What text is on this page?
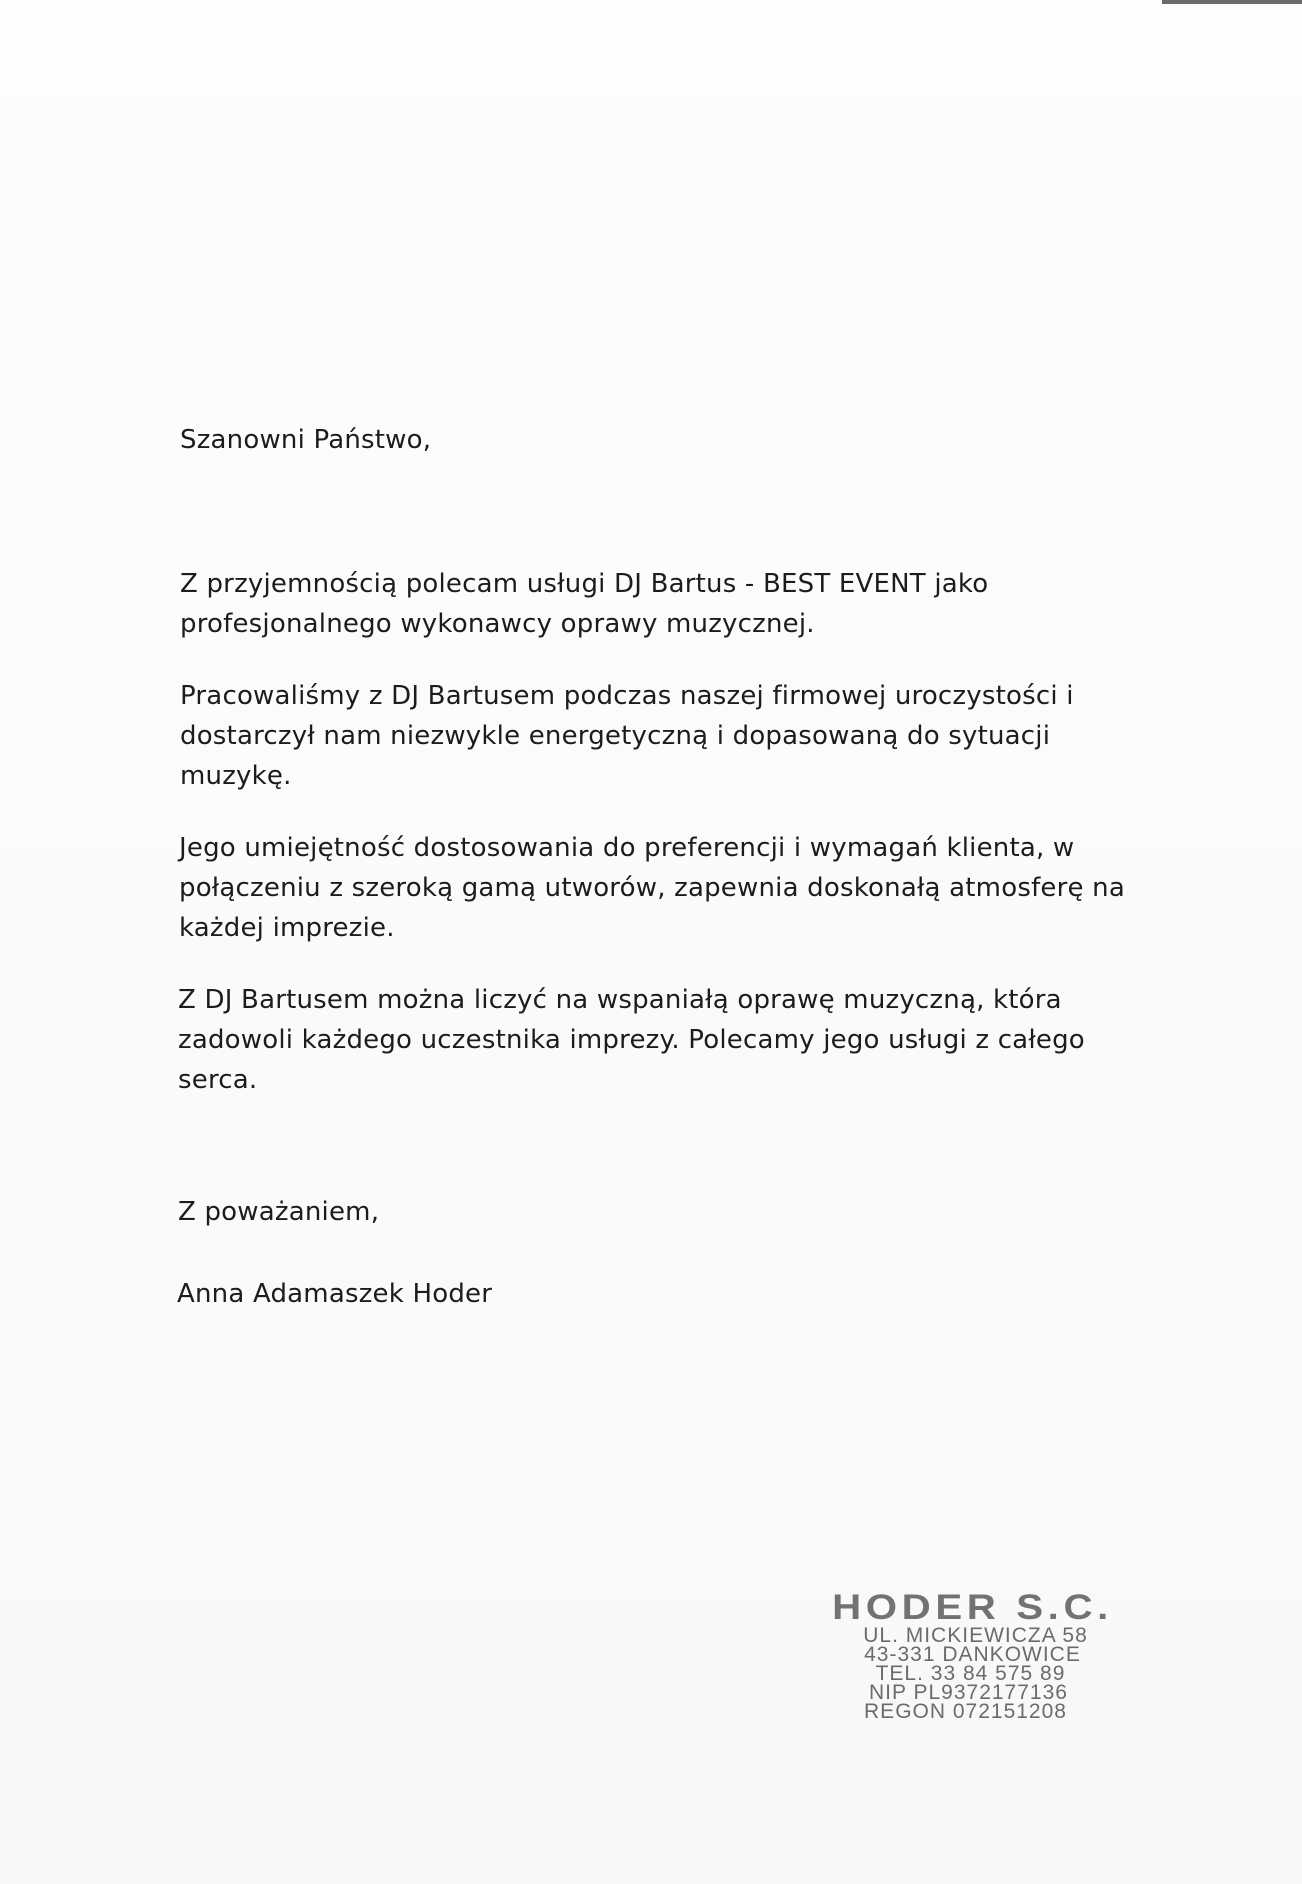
Szanowni Państwo,

Z przyjemnością polecam usługi DJ Bartus - BEST EVENT jako profesjonalnego wykonawcy oprawy muzycznej.

Pracowaliśmy z DJ Bartusem podczas naszej firmowej uroczystości i dostarczył nam niezwykle energetyczną i dopasowaną do sytuacji muzykę.

Jego umiejętność dostosowania do preferencji i wymagań klienta, w połączeniu z szeroką gamą utworów, zapewnia doskonałą atmosferę na każdej imprezie.

Z DJ Bartusem można liczyć na wspaniałą oprawę muzyczną, która zadowoli każdego uczestnika imprezy. Polecamy jego usługi z całego serca.

Z poważaniem,

Anna Adamaszek Hoder

HODER S.C.
UL. MICKIEWICZA 58
43-331 DANKOWICE
TEL. 33 84 575 89
NIP PL9372177136
REGON 072151208
